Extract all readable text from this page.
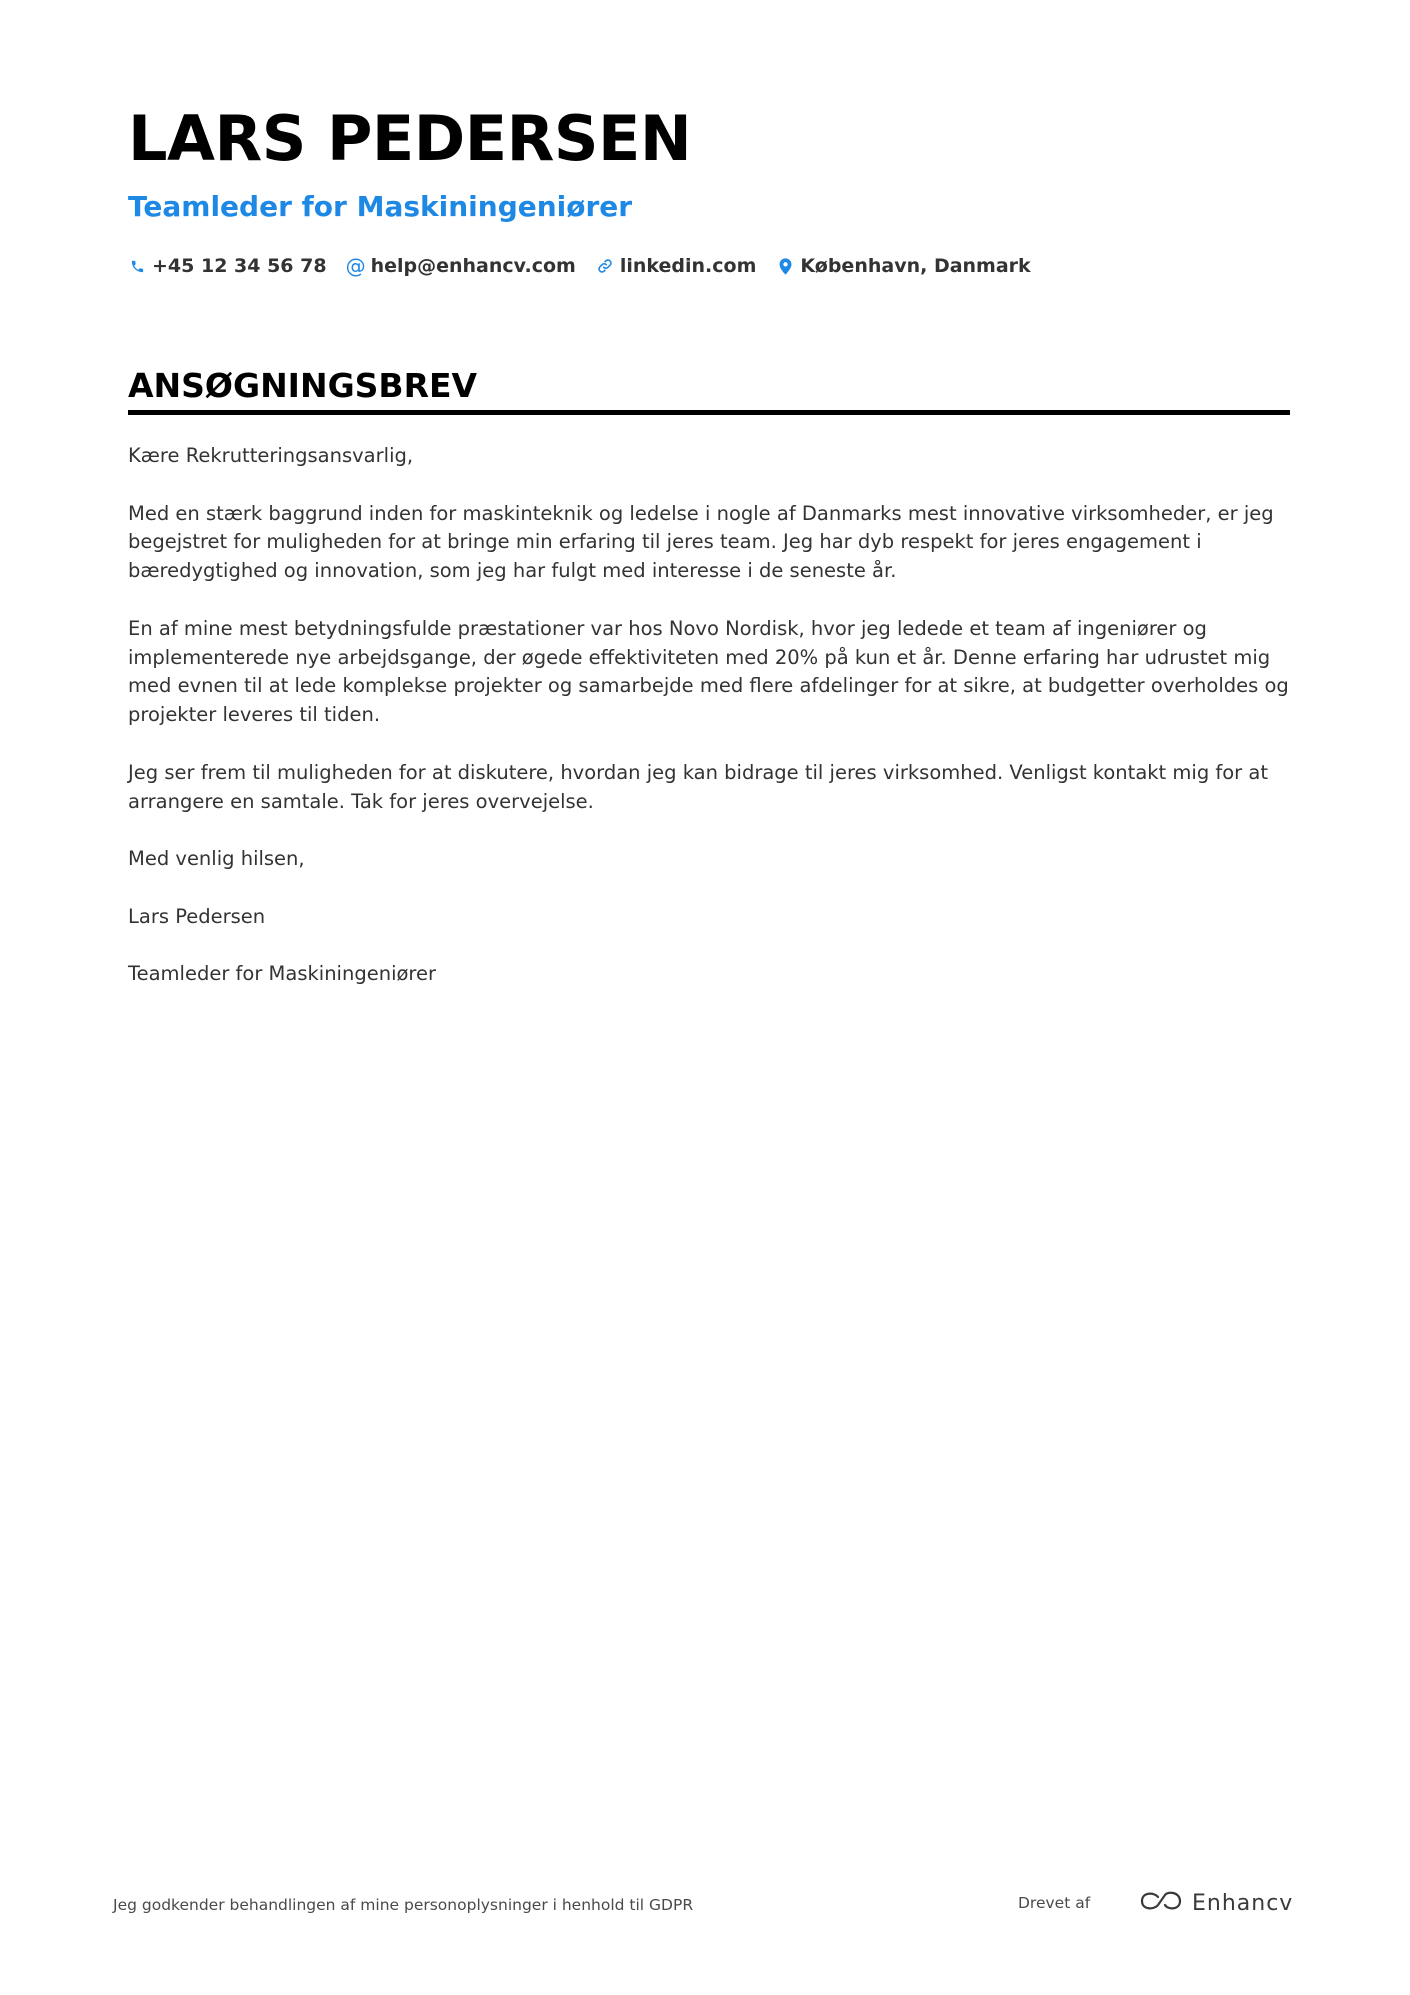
LARS PEDERSEN
Teamleder for Maskiningeniører
+45 12 34 56 78 @ help@enhancv.com linkedin.com København, Danmark
ANSØGNINGSBREV

Kære Rekrutteringsansvarlig,

Med en stærk baggrund inden for maskinteknik og ledelse i nogle af Danmarks mest innovative virksomheder, er jeg begejstret for muligheden for at bringe min erfaring til jeres team. Jeg har dyb respekt for jeres engagement i bæredygtighed og innovation, som jeg har fulgt med interesse i de seneste år.

En af mine mest betydningsfulde præstationer var hos Novo Nordisk, hvor jeg ledede et team af ingeniører og implementerede nye arbejdsgange, der øgede effektiviteten med 20% på kun et år. Denne erfaring har udrustet mig med evnen til at lede komplekse projekter og samarbejde med flere afdelinger for at sikre, at budgetter overholdes og projekter leveres til tiden.

Jeg ser frem til muligheden for at diskutere, hvordan jeg kan bidrage til jeres virksomhed. Venligst kontakt mig for at arrangere en samtale. Tak for jeres overvejelse.

Med venlig hilsen,

Lars Pedersen

Teamleder for Maskiningeniører

Jeg godkender behandlingen af mine personoplysninger i henhold til GDPR	Drevet af	Enhancv
